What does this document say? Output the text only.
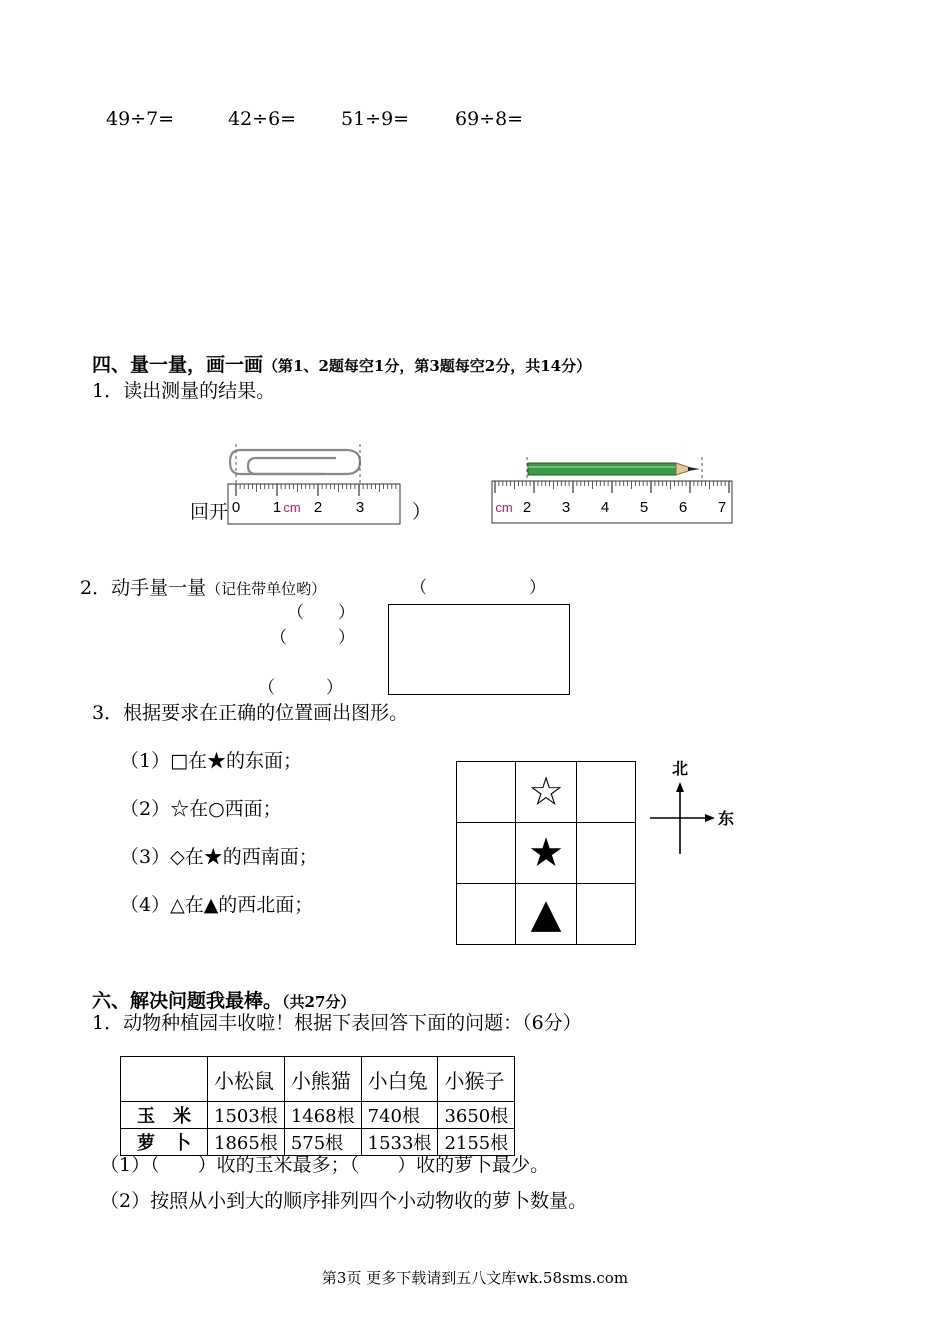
49÷7=	42÷6= 51÷9= 69÷8=
四、量一量，画一画（第1、2题每空1分，第3题每空2分，共14分）
1．读出测量的结果。
回开 0 1 cm 2 3	）	cm 2 3 4 5 6 7
2．动手量一量（记住带单位哟）	（　　　　　　）
（　　）
（　　　）
（　　　）
3．根据要求在正确的位置画出图形。
（1）□在★的东面；
（2）☆在○西面；
（3）◇在★的西南面；
（4）△在▲的西北面；
	☆	
	★	
	▲	
北
东
六、解决问题我最棒。（共27分）
1．动物种植园丰收啦！根据下表回答下面的问题：（6分）
	小松鼠	小熊猫	小白兔	小猴子
玉　米	1503根	1468根	740根	3650根
萝　卜	1865根	575根	1533根	2155根
（1）（　　）收的玉米最多；（　　）收的萝卜最少。
（2）按照从小到大的顺序排列四个小动物收的萝卜数量。
第3页 更多下载请到五八文库wk.58sms.com
